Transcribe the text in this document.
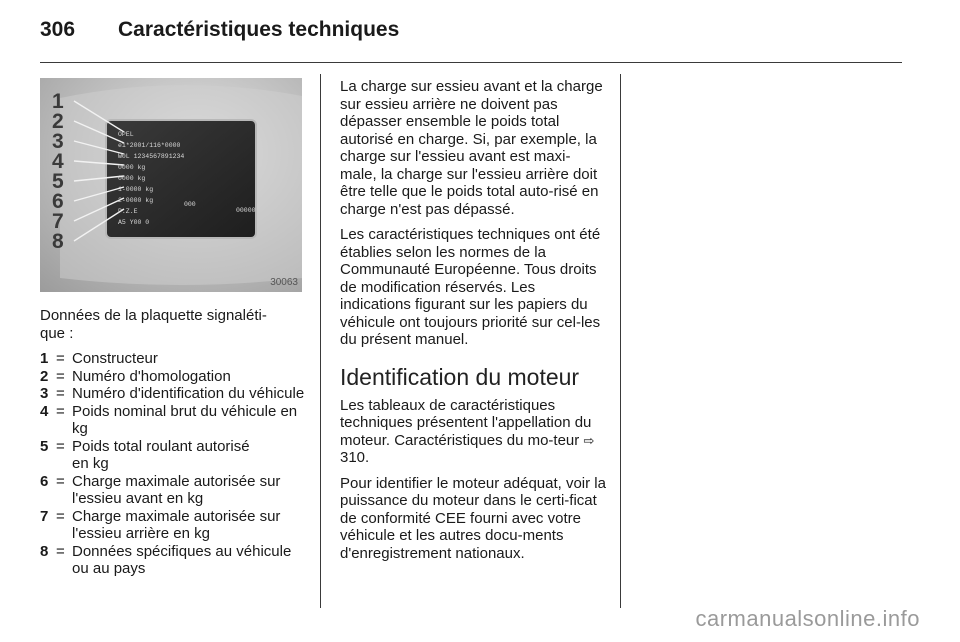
306	Caractéristiques techniques
1
2
3
4
5
6
7
8
OPEL
e1*2001/116*0000
W0L 1234567891234
0000 kg
0000 kg
1-0000 kg
2-0000 kg
P.Z.E
A5 Y00 0
000
00000
30063

Données de la plaquette signaléti-
que :

1 = Constructeur
2 = Numéro d'homologation
3 = Numéro d'identification du véhicule
4 = Poids nominal brut du véhicule en kg
5 = Poids total roulant autorisé
en kg
6 = Charge maximale autorisée sur l'essieu avant en kg
7 = Charge maximale autorisée sur l'essieu arrière en kg
8 = Données spécifiques au véhicule ou au pays

La charge sur essieu avant et la charge sur essieu arrière ne doivent pas dépasser ensemble le poids total autorisé en charge. Si, par exemple, la charge sur l'essieu avant est maxi-male, la charge sur l'essieu arrière doit être telle que le poids total auto-risé en charge n'est pas dépassé.

Les caractéristiques techniques ont été établies selon les normes de la Communauté Européenne. Tous droits de modification réservés. Les indications figurant sur les papiers du véhicule ont toujours priorité sur cel-les du présent manuel.

Identification du moteur

Les tableaux de caractéristiques techniques présentent l'appellation du moteur. Caractéristiques du mo-teur ⇨ 310.

Pour identifier le moteur adéquat, voir la puissance du moteur dans le certi-ficat de conformité CEE fourni avec votre véhicule et les autres docu-ments d'enregistrement nationaux.

carmanualsonline.info
